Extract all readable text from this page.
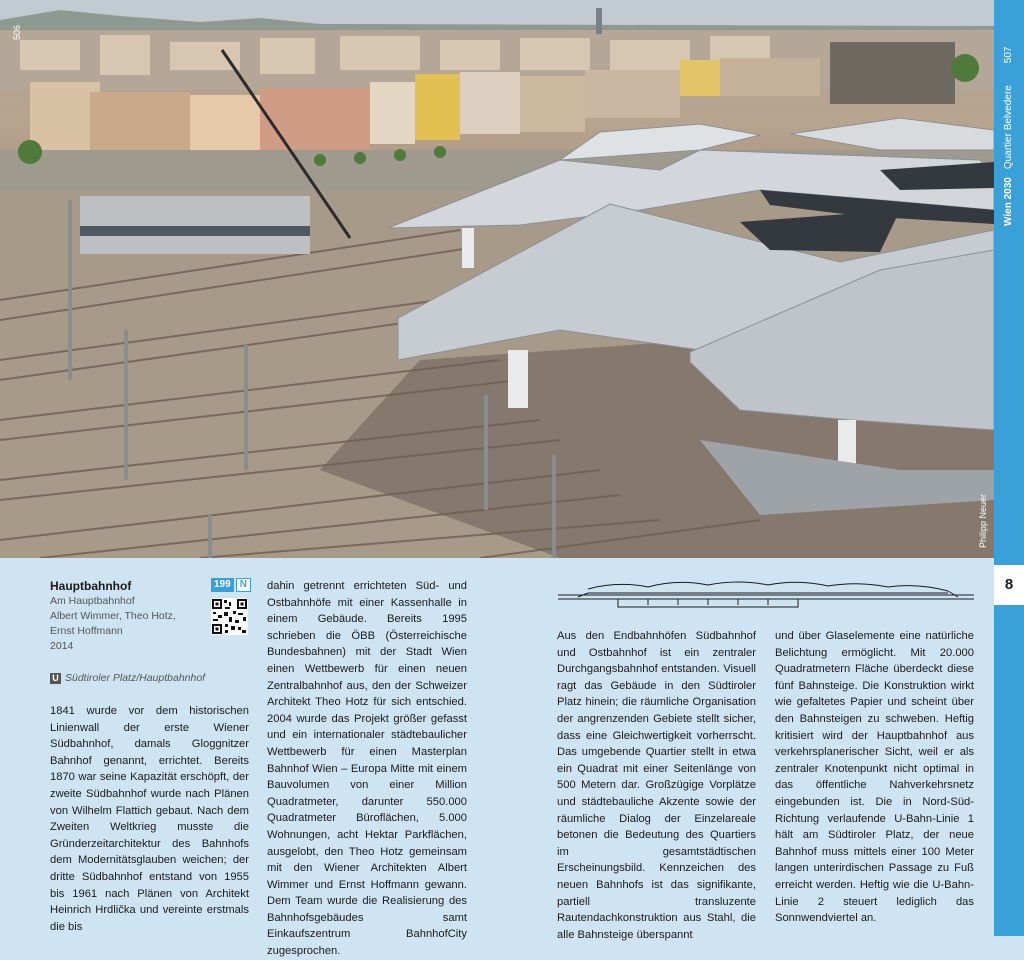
506
Philipp Neuer
Wien 2030Quartier Belvedere507
8
Hauptbahnhof
Am Hauptbahnhof
Albert Wimmer, Theo Hotz,
Ernst Hoffmann
2014
199 N
U Südtiroler Platz/Hauptbahnhof

1841 wurde vor dem historischen Linienwall der erste Wiener Südbahnhof, damals Gloggnitzer Bahnhof genannt, errichtet. Bereits 1870 war seine Kapazität erschöpft, der zweite Südbahnhof wurde nach Plänen von Wilhelm Flattich gebaut. Nach dem Zweiten Weltkrieg musste die Gründerzeitarchitektur des Bahnhofs dem Modernitätsglauben weichen; der dritte Südbahnhof entstand von 1955 bis 1961 nach Plänen von Architekt Heinrich Hrdlička und vereinte erstmals die bis

dahin getrennt errichteten Süd- und Ostbahnhöfe mit einer Kassenhalle in einem Gebäude. Bereits 1995 schrieben die ÖBB (Österreichische Bundesbahnen) mit der Stadt Wien einen Wettbewerb für einen neuen Zentralbahnhof aus, den der Schweizer Architekt Theo Hotz für sich entschied. 2004 wurde das Projekt größer gefasst und ein internationaler städtebaulicher Wettbewerb für einen Masterplan Bahnhof Wien – Europa Mitte mit einem Bauvolumen von einer Million Quadratmeter, darunter 550.000 Quadratmeter Büroflächen, 5.000 Wohnungen, acht Hektar Parkflächen, ausgelobt, den Theo Hotz gemeinsam mit den Wiener Architekten Albert Wimmer und Ernst Hoffmann gewann. Dem Team wurde die Realisierung des Bahnhofsgebäudes samt Einkaufszentrum BahnhofCity zugesprochen.

Aus den Endbahnhöfen Südbahnhof und Ostbahnhof ist ein zentraler Durchgangsbahnhof entstanden. Visuell ragt das Gebäude in den Südtiroler Platz hinein; die räumliche Organisation der angrenzenden Gebiete stellt sicher, dass eine Gleichwertigkeit vorherrscht. Das umgebende Quartier stellt in etwa ein Quadrat mit einer Seitenlänge von 500 Metern dar. Großzügige Vorplätze und städtebauliche Akzente sowie der räumliche Dialog der Einzelareale betonen die Bedeutung des Quartiers im gesamtstädtischen Erscheinungsbild. Kennzeichen des neuen Bahnhofs ist das signifikante, partiell transluzente Rautendachkonstruktion aus Stahl, die alle Bahnsteige überspannt

und über Glaselemente eine natürliche Belichtung ermöglicht. Mit 20.000 Quadratmetern Fläche überdeckt diese fünf Bahnsteige. Die Konstruktion wirkt wie gefaltetes Papier und scheint über den Bahnsteigen zu schweben. Heftig kritisiert wird der Hauptbahnhof aus verkehrsplanerischer Sicht, weil er als zentraler Knotenpunkt nicht optimal in das öffentliche Nahverkehrsnetz eingebunden ist. Die in Nord-Süd-Richtung verlaufende U-Bahn-Linie 1 hält am Südtiroler Platz, der neue Bahnhof muss mittels einer 100 Meter langen unterirdischen Passage zu Fuß erreicht werden. Heftig wie die U-Bahn-Linie 2 steuert lediglich das Sonnwendviertel an.
